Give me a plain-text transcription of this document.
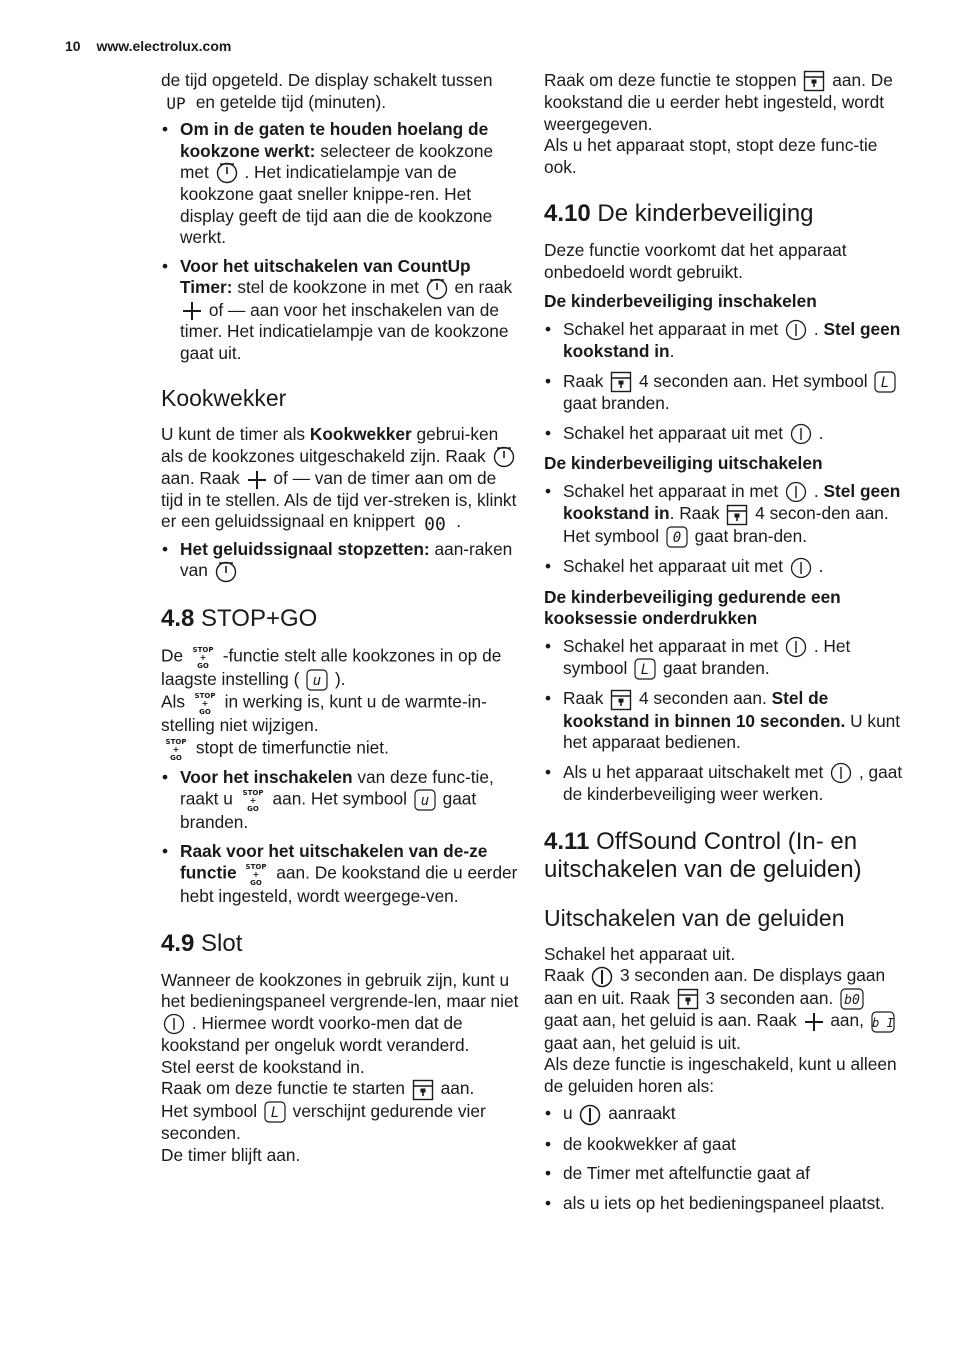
10 www.electrolux.com

de tijd opgeteld. De display schakelt tussen
UP en getelde tijd (minuten).

• Om in de gaten te houden hoelang de kookzone werkt: selecteer de kookzone met . Het indicatielampje van de kookzone gaat sneller knippe-ren. Het display geeft de tijd aan die de kookzone werkt.
• Voor het uitschakelen van CountUp Timer: stel de kookzone in met en raak
of — aan voor het inschakelen van de timer. Het indicatielampje van de kookzone gaat uit.
Kookwekker

U kunt de timer als Kookwekker gebrui-ken als de kookzones uitgeschakeld zijn. Raak
aan. Raak of — van de timer aan om de tijd in te stellen. Als de tijd ver-streken is, klinkt er een geluidssignaal en knippert 00 .

• Het geluidssignaal stopzetten: aan-raken van
4.8 STOP+GO

De STOP
+
GO
-functie stelt alle kookzones in op de laagste instelling ( u ).

Als STOP
+
GO
in werking is, kunt u de warmte-in-stelling niet wijzigen.

STOP
+
GO
stopt de timerfunctie niet.

• Voor het inschakelen van deze func-tie, raakt u STOP
+
GO
aan. Het symbool u gaat branden.
• Raak voor het uitschakelen van de-ze functie STOP
+
GO
aan. De kookstand die u eerder hebt ingesteld, wordt weergege-ven.
4.9 Slot

Wanneer de kookzones in gebruik zijn, kunt u het bedieningspaneel vergrende-len, maar niet
. Hiermee wordt voorko-men dat de kookstand per ongeluk wordt veranderd.

Stel eerst de kookstand in.

Raak om deze functie te starten aan.

Het symbool L verschijnt gedurende vier seconden.

De timer blijft aan.

Raak om deze functie te stoppen aan. De kookstand die u eerder hebt ingesteld, wordt weergegeven.

Als u het apparaat stopt, stopt deze func-tie ook.

4.10 De kinderbeveiliging

Deze functie voorkomt dat het apparaat onbedoeld wordt gebruikt.

De kinderbeveiliging inschakelen
• Schakel het apparaat in met . Stel geen kookstand in.
• Raak 4 seconden aan. Het symbool L
gaat branden.
• Schakel het apparaat uit met .
De kinderbeveiliging uitschakelen
• Schakel het apparaat in met . Stel geen kookstand in. Raak 4 secon-den aan. Het symbool 0 gaat bran-den.
• Schakel het apparaat uit met .
De kinderbeveiliging gedurende een kooksessie onderdrukken
• Schakel het apparaat in met . Het symbool L gaat branden.
• Raak 4 seconden aan. Stel de kookstand in binnen 10 seconden. U kunt het apparaat bedienen.
• Als u het apparaat uitschakelt met , gaat de kinderbeveiliging weer werken.
4.11 OffSound Control (In- en uitschakelen van de geluiden)
Uitschakelen van de geluiden

Schakel het apparaat uit.

Raak 3 seconden aan. De displays gaan aan en uit. Raak 3 seconden aan. b0
gaat aan, het geluid is aan. Raak aan, b I
gaat aan, het geluid is uit.

Als deze functie is ingeschakeld, kunt u alleen de geluiden horen als:

• u aanraakt
• de kookwekker af gaat
• de Timer met aftelfunctie gaat af
• als u iets op het bedieningspaneel plaatst.
